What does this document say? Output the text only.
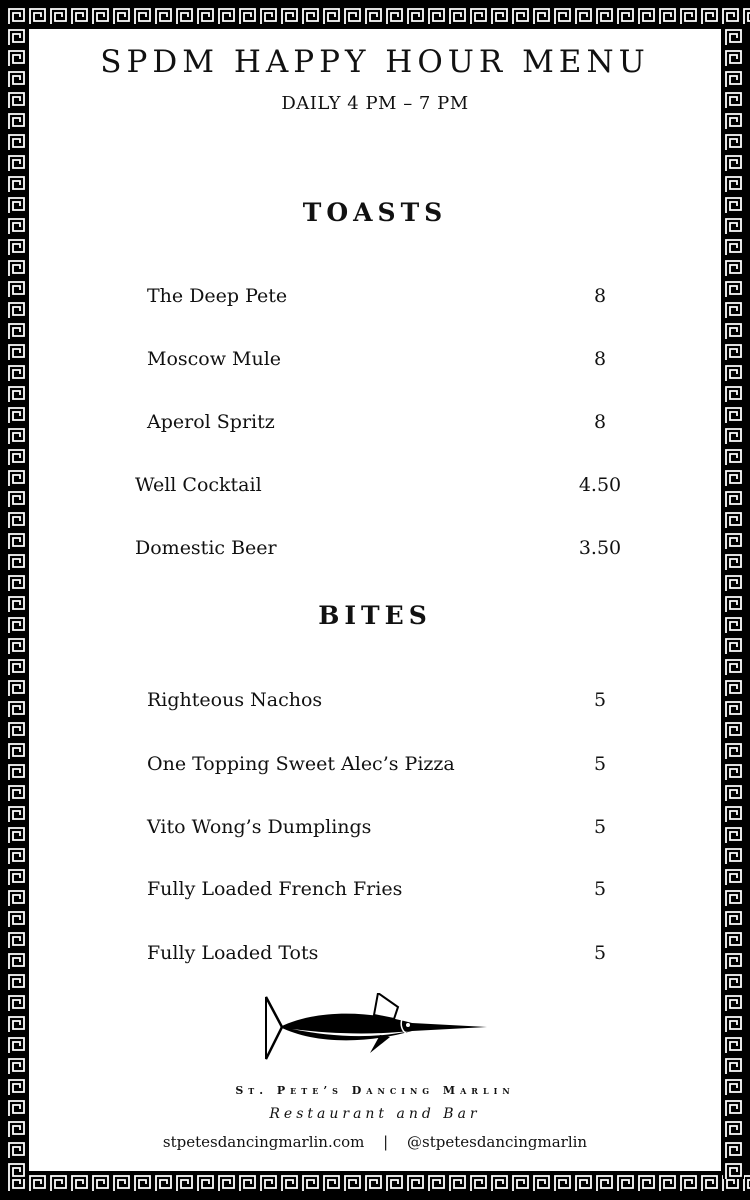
SPDM HAPPY HOUR MENU
DAILY 4 PM – 7 PM
TOASTS
The Deep Pete	8
Moscow Mule	8
Aperol Spritz	8
Well Cocktail	4.50
Domestic Beer	3.50
BITES
Righteous Nachos	5
One Topping Sweet Alec’s Pizza	5
Vito Wong’s Dumplings	5
Fully Loaded French Fries	5
Fully Loaded Tots	5
St. Pete’s Dancing Marlin
Restaurant and Bar
stpetesdancingmarlin.com | @stpetesdancingmarlin
